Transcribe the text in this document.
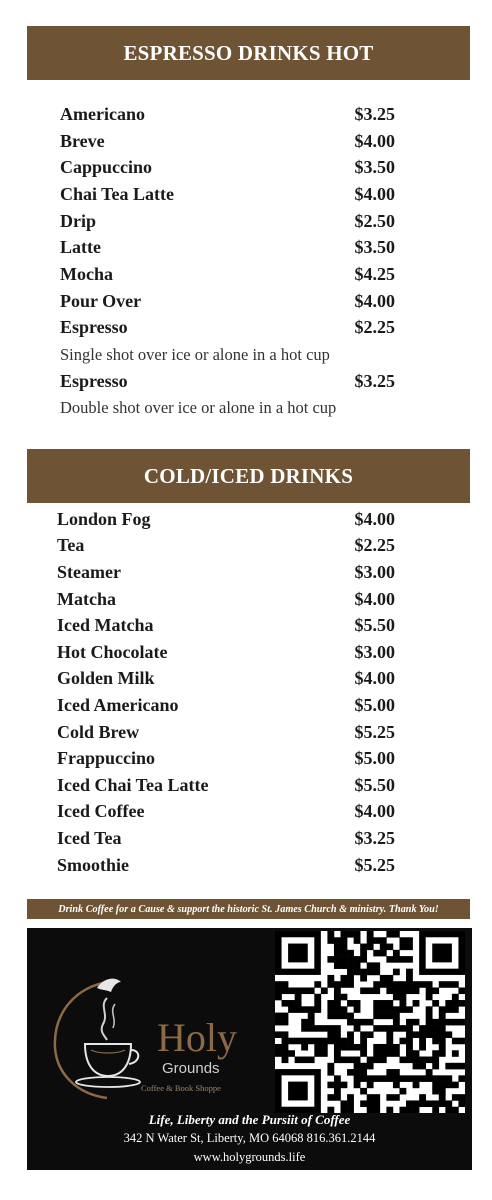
ESPRESSO DRINKS HOT
Americano	$3.25
Breve	$4.00
Cappuccino	$3.50
Chai Tea Latte	$4.00
Drip	$2.50
Latte	$3.50
Mocha	$4.25
Pour Over	$4.00
Espresso	$2.25
Single shot over ice or alone in a hot cup
Espresso	$3.25
Double shot over ice or alone in a hot cup
COLD/ICED DRINKS
London Fog	$4.00
Tea	$2.25
Steamer	$3.00
Matcha	$4.00
Iced Matcha	$5.50
Hot Chocolate	$3.00
Golden Milk	$4.00
Iced Americano	$5.00
Cold Brew	$5.25
Frappuccino	$5.00
Iced Chai Tea Latte	$5.50
Iced Coffee	$4.00
Iced Tea	$3.25
Smoothie	$5.25
Drink Coffee for a Cause & support the historic St. James Church & ministry. Thank You!
Holy
Grounds
Coffee & Book Shoppe
Life, Liberty and the Pursiit of Coffee
342 N Water St, Liberty, MO 64068 816.361.2144
www.holygrounds.life
